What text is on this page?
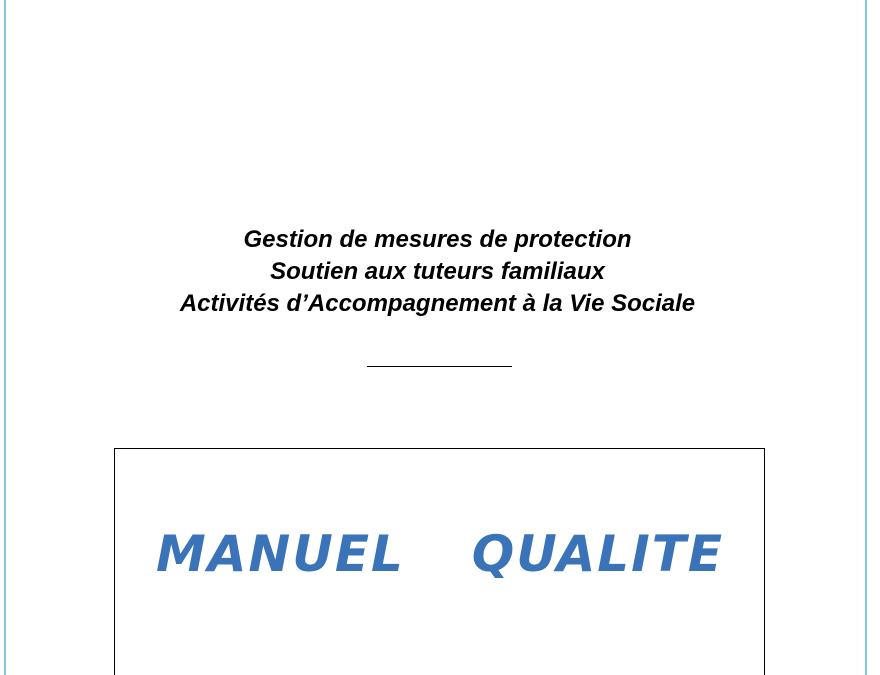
Gestion de mesures de protection
Soutien aux tuteurs familiaux
Activités d’Accompagnement à la Vie Sociale
MANUEL  QUALITE
